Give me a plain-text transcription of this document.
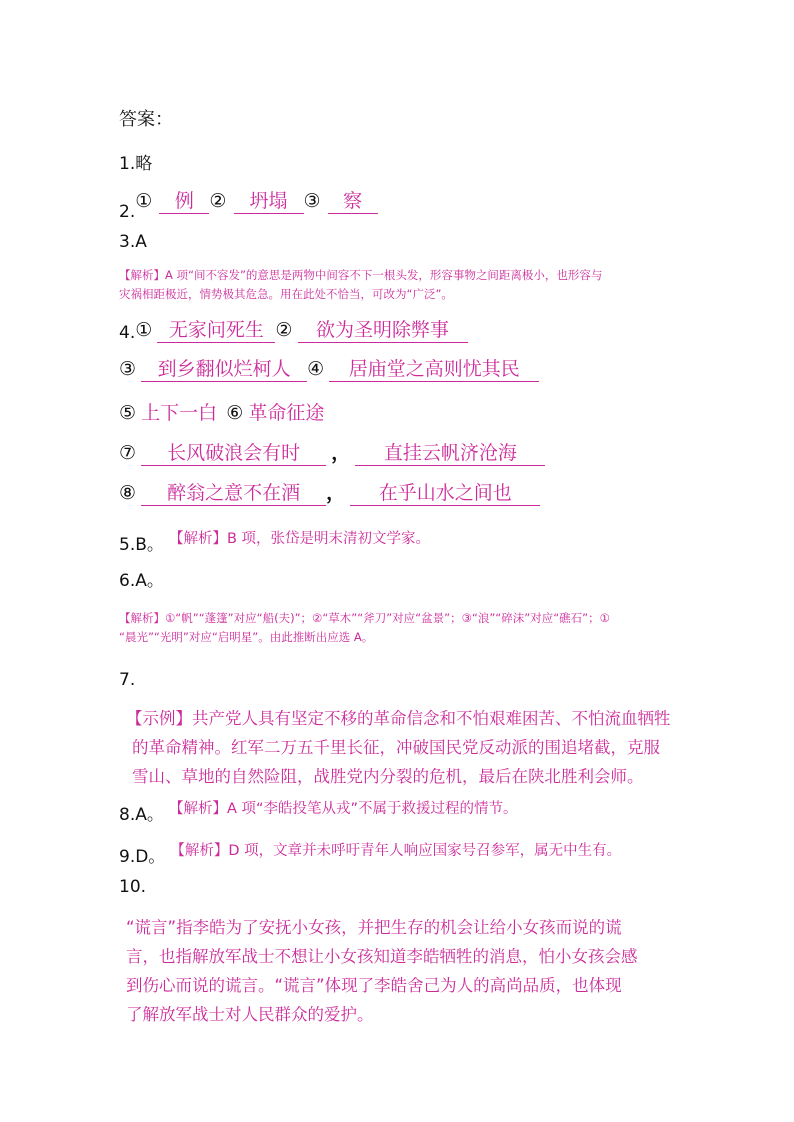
答案：
1.略
2.① 例 ② 坍塌 ③ 察
3.A
【解析】A 项“间不容发”的意思是两物中间容不下一根头发，形容事物之间距离极小，也形容与
灾祸相距极近，情势极其危急。用在此处不恰当，可改为“广泛”。
4.① 无家问死生 ② 欲为圣明除弊事
③ 到乡翻似烂柯人 ④ 居庙堂之高则忧其民
⑤ 上下一白 ⑥ 革命征途
⑦ 长风破浪会有时 ， 直挂云帆济沧海
⑧ 醉翁之意不在酒 ， 在乎山水之间也
5.B。 【解析】B 项，张岱是明末清初文学家。
6.A。
【解析】①“帆”“蓬篷”对应“船(夫)”；②“草木”“斧刀”对应“盆景”；③“浪”“碎沫”对应“礁石”；①
“晨光”“光明”对应“启明星”。由此推断出应选 A。
7.
【示例】共产党人具有坚定不移的革命信念和不怕艰难困苦、不怕流血牺牲
的革命精神。红军二万五千里长征，冲破国民党反动派的围追堵截，克服
雪山、草地的自然险阻，战胜党内分裂的危机，最后在陕北胜利会师。
8.A。 【解析】A 项“李皓投笔从戎”不属于救援过程的情节。
9.D。 【解析】D 项，文章并未呼吁青年人响应国家号召参军，属无中生有。
10.
“谎言”指李皓为了安抚小女孩，并把生存的机会让给小女孩而说的谎
言，也指解放军战士不想让小女孩知道李皓牺牲的消息，怕小女孩会感
到伤心而说的谎言。“谎言”体现了李皓舍己为人的高尚品质，也体现
了解放军战士对人民群众的爱护。
